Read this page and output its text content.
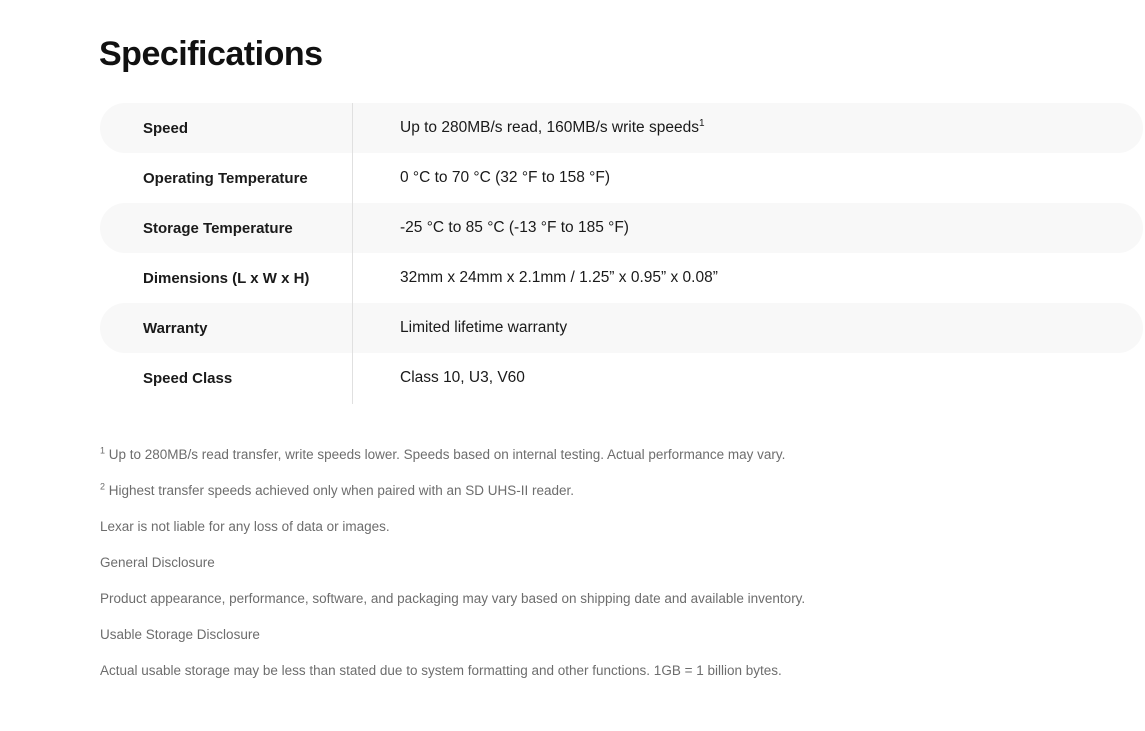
Specifications
Speed	Up to 280MB/s read, 160MB/s write speeds$^1$
Operating Temperature	0 °C to 70 °C (32 °F to 158 °F)
Storage Temperature	-25 °C to 85 °C (-13 °F to 185 °F)
Dimensions (L x W x H)	32mm x 24mm x 2.1mm / 1.25” x 0.95” x 0.08”
Warranty	Limited lifetime warranty
Speed Class	Class 10, U3, V60

$^1$ Up to 280MB/s read transfer, write speeds lower. Speeds based on internal testing. Actual performance may vary.

$^2$ Highest transfer speeds achieved only when paired with an SD UHS-II reader.

Lexar is not liable for any loss of data or images.

General Disclosure

Product appearance, performance, software, and packaging may vary based on shipping date and available inventory.

Usable Storage Disclosure

Actual usable storage may be less than stated due to system formatting and other functions. 1GB = 1 billion bytes.
